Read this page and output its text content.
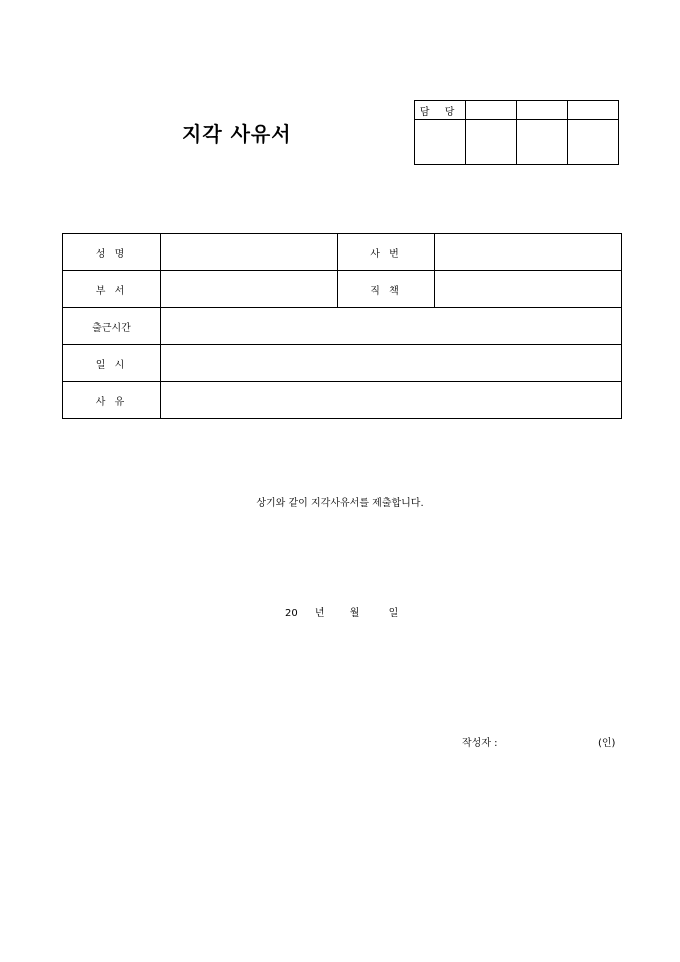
지각 사유서
담 당			

성 명		사 번	
부 서		직 책	
출근시간			
일 시			
사 유			
상기와 같이 지각사유서를 제출합니다.
20 년	월	일
작성자 :	(인)
